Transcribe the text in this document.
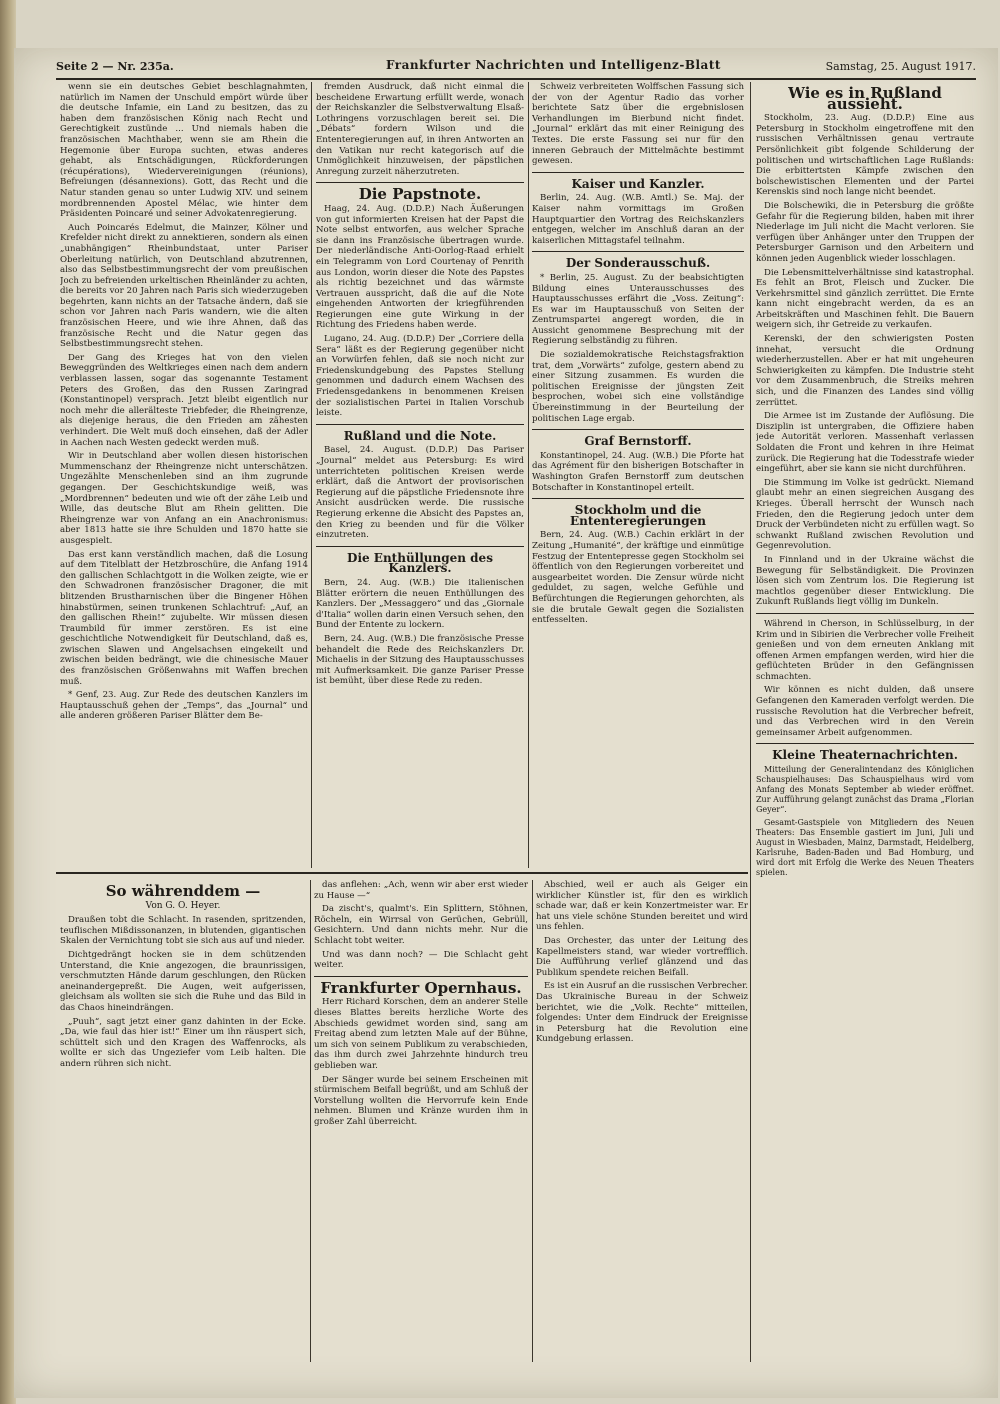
Seite 2 — Nr. 235a.	Frankfurter Nachrichten und Intelligenz-Blatt	Samstag, 25. August 1917.

wenn sie ein deutsches Gebiet beschlagnahmten, natürlich im Namen der Unschuld empört würde über die deutsche Infamie, ein Land zu besitzen, das zu haben dem französischen König nach Recht und Gerechtigkeit zustünde ... Und niemals haben die französischen Machthaber, wenn sie am Rhein die Hegemonie über Europa suchten, etwas anderes gehabt, als Entschädigungen, Rückforderungen (récupérations), Wiedervereinigungen (réunions), Befreiungen (désannexions). Gott, das Recht und die Natur standen genau so unter Ludwig XIV. und seinem mordbrennenden Apostel Mélac, wie hinter dem Präsidenten Poincaré und seiner Advokatenregierung.

Auch Poincarés Edelmut, die Mainzer, Kölner und Krefelder nicht direkt zu annektieren, sondern als einen „unabhängigen“ Rheinbundstaat, unter Pariser Oberleitung natürlich, von Deutschland abzutrennen, also das Selbstbestimmungsrecht der vom preußischen Joch zu befreienden urkeltischen Rheinländer zu achten, die bereits vor 20 Jahren nach Paris sich wiederzugeben begehrten, kann nichts an der Tatsache ändern, daß sie schon vor Jahren nach Paris wandern, wie die alten französischen Heere, und wie ihre Ahnen, daß das französische Recht und die Natur gegen das Selbstbestimmungsrecht stehen.

Der Gang des Krieges hat von den vielen Beweggründen des Weltkrieges einen nach dem andern verblassen lassen, sogar das sogenannte Testament Peters des Großen, das den Russen Zaringrad (Konstantinopel) versprach. Jetzt bleibt eigentlich nur noch mehr die allerälteste Triebfeder, die Rheingrenze, als diejenige heraus, die den Frieden am zähesten verhindert. Die Welt muß doch einsehen, daß der Adler in Aachen nach Westen gedeckt werden muß.

Wir in Deutschland aber wollen diesen historischen Mummenschanz der Rheingrenze nicht unterschätzen. Ungezählte Menschenleben sind an ihm zugrunde gegangen. Der Geschichtskundige weiß, was „Mordbrennen“ bedeuten und wie oft der zähe Leib und Wille, das deutsche Blut am Rhein gelitten. Die Rheingrenze war von Anfang an ein Anachronismus: aber 1813 hatte sie ihre Schulden und 1870 hatte sie ausgespielt.

Das erst kann verständlich machen, daß die Losung auf dem Titelblatt der Hetzbroschüre, die Anfang 1914 den gallischen Schlachtgott in die Wolken zeigte, wie er den Schwadronen französischer Dragoner, die mit blitzenden Brustharnischen über die Bingener Höhen hinabstürmen, seinen trunkenen Schlachtruf: „Auf, an den gallischen Rhein!“ zujubelte. Wir müssen diesen Traumbild für immer zerstören. Es ist eine geschichtliche Notwendigkeit für Deutschland, daß es, zwischen Slawen und Angelsachsen eingekeilt und zwischen beiden bedrängt, wie die chinesische Mauer des französischen Größenwahns mit Waffen brechen muß.

* Genf, 23. Aug. Zur Rede des deutschen Kanzlers im Hauptausschuß gehen der „Temps“, das „Journal“ und alle anderen größeren Pariser Blätter dem Be-

fremden Ausdruck, daß nicht einmal die bescheidene Erwartung erfüllt werde, wonach der Reichskanzler die Selbstverwaltung Elsaß-Lothringens vorzuschlagen bereit sei. Die „Débats“ fordern Wilson und die Ententeregierungen auf, in ihren Antworten an den Vatikan nur recht kategorisch auf die Unmöglichkeit hinzuweisen, der päpstlichen Anregung zurzeit näherzutreten.

Die Papstnote.

Haag, 24. Aug. (D.D.P.) Nach Äußerungen von gut informierten Kreisen hat der Papst die Note selbst entworfen, aus welcher Sprache sie dann ins Französische übertragen wurde. Der niederländische Anti-Oorlog-Raad erhielt ein Telegramm von Lord Courtenay of Penrith aus London, worin dieser die Note des Papstes als richtig bezeichnet und das wärmste Vertrauen ausspricht, daß die auf die Note eingehenden Antworten der kriegführenden Regierungen eine gute Wirkung in der Richtung des Friedens haben werde.

Lugano, 24. Aug. (D.D.P.) Der „Corriere della Sera“ läßt es der Regierung gegenüber nicht an Vorwürfen fehlen, daß sie noch nicht zur Friedenskundgebung des Papstes Stellung genommen und dadurch einem Wachsen des Friedensgedankens in benommenen Kreisen der sozialistischen Partei in Italien Vorschub leiste.

Rußland und die Note.

Basel, 24. August. (D.D.P.) Das Pariser „Journal“ meldet aus Petersburg: Es wird unterrichteten politischen Kreisen werde erklärt, daß die Antwort der provisorischen Regierung auf die päpstliche Friedensnote ihre Ansicht ausdrücken werde. Die russische Regierung erkenne die Absicht des Papstes an, den Krieg zu beenden und für die Völker einzutreten.

Die Enthüllungen des Kanzlers.

Bern, 24. Aug. (W.B.) Die italienischen Blätter erörtern die neuen Enthüllungen des Kanzlers. Der „Messaggero“ und das „Giornale d'Italia“ wollen darin einen Versuch sehen, den Bund der Entente zu lockern.

Bern, 24. Aug. (W.B.) Die französische Presse behandelt die Rede des Reichskanzlers Dr. Michaelis in der Sitzung des Hauptausschusses mit Aufmerksamkeit. Die ganze Pariser Presse ist bemüht, über diese Rede zu reden.

Schweiz verbreiteten Wolffschen Fassung sich der von der Agentur Radio das vorher berichtete Satz über die ergebnislosen Verhandlungen im Bierbund nicht findet. „Journal“ erklärt das mit einer Reinigung des Textes. Die erste Fassung sei nur für den inneren Gebrauch der Mittelmächte bestimmt gewesen.

Kaiser und Kanzler.

Berlin, 24. Aug. (W.B. Amtl.) Se. Maj. der Kaiser nahm vormittags im Großen Hauptquartier den Vortrag des Reichskanzlers entgegen, welcher im Anschluß daran an der kaiserlichen Mittagstafel teilnahm.

Der Sonderausschuß.

* Berlin, 25. August. Zu der beabsichtigten Bildung eines Unterausschusses des Hauptausschusses erfährt die „Voss. Zeitung“: Es war im Hauptausschuß von Seiten der Zentrumspartei angeregt worden, die in Aussicht genommene Besprechung mit der Regierung selbständig zu führen.

Die sozialdemokratische Reichstagsfraktion trat, dem „Vorwärts“ zufolge, gestern abend zu einer Sitzung zusammen. Es wurden die politischen Ereignisse der jüngsten Zeit besprochen, wobei sich eine vollständige Übereinstimmung in der Beurteilung der politischen Lage ergab.

Graf Bernstorff.

Konstantinopel, 24. Aug. (W.B.) Die Pforte hat das Agrément für den bisherigen Botschafter in Washington Grafen Bernstorff zum deutschen Botschafter in Konstantinopel erteilt.

Stockholm und die Ententeregierungen

Bern, 24. Aug. (W.B.) Cachin erklärt in der Zeitung „Humanité“, der kräftige und einmütige Festzug der Ententepresse gegen Stockholm sei öffentlich von den Regierungen vorbereitet und ausgearbeitet worden. Die Zensur würde nicht geduldet, zu sagen, welche Gefühle und Befürchtungen die Regierungen gehorchten, als sie die brutale Gewalt gegen die Sozialisten entfesselten.

Wie es in Rußland aussieht.

Stockholm, 23. Aug. (D.D.P.) Eine aus Petersburg in Stockholm eingetroffene mit den russischen Verhältnissen genau vertraute Persönlichkeit gibt folgende Schilderung der politischen und wirtschaftlichen Lage Rußlands: Die erbittertsten Kämpfe zwischen den bolschewistischen Elementen und der Partei Kerenskis sind noch lange nicht beendet.

Die Bolschewiki, die in Petersburg die größte Gefahr für die Regierung bilden, haben mit ihrer Niederlage im Juli nicht die Macht verloren. Sie verfügen über Anhänger unter den Truppen der Petersburger Garnison und den Arbeitern und können jeden Augenblick wieder losschlagen.

Die Lebensmittelverhältnisse sind katastrophal. Es fehlt an Brot, Fleisch und Zucker. Die Verkehrsmittel sind gänzlich zerrüttet. Die Ernte kann nicht eingebracht werden, da es an Arbeitskräften und Maschinen fehlt. Die Bauern weigern sich, ihr Getreide zu verkaufen.

Kerenski, der den schwierigsten Posten innehat, versucht die Ordnung wiederherzustellen. Aber er hat mit ungeheuren Schwierigkeiten zu kämpfen. Die Industrie steht vor dem Zusammenbruch, die Streiks mehren sich, und die Finanzen des Landes sind völlig zerrüttet.

Die Armee ist im Zustande der Auflösung. Die Disziplin ist untergraben, die Offiziere haben jede Autorität verloren. Massenhaft verlassen Soldaten die Front und kehren in ihre Heimat zurück. Die Regierung hat die Todesstrafe wieder eingeführt, aber sie kann sie nicht durchführen.

Die Stimmung im Volke ist gedrückt. Niemand glaubt mehr an einen siegreichen Ausgang des Krieges. Überall herrscht der Wunsch nach Frieden, den die Regierung jedoch unter dem Druck der Verbündeten nicht zu erfüllen wagt. So schwankt Rußland zwischen Revolution und Gegenrevolution.

In Finnland und in der Ukraine wächst die Bewegung für Selbständigkeit. Die Provinzen lösen sich vom Zentrum los. Die Regierung ist machtlos gegenüber dieser Entwicklung. Die Zukunft Rußlands liegt völlig im Dunkeln.

Während in Cherson, in Schlüsselburg, in der Krim und in Sibirien die Verbrecher volle Freiheit genießen und von dem erneuten Anklang mit offenen Armen empfangen werden, wird hier die geflüchteten Brüder in den Gefängnissen schmachten.

Wir können es nicht dulden, daß unsere Gefangenen den Kameraden verfolgt werden. Die russische Revolution hat die Verbrecher befreit, und das Verbrechen wird in den Verein gemeinsamer Arbeit aufgenommen.

Kleine Theaternachrichten.

Mitteilung der Generalintendanz des Königlichen Schauspielhauses: Das Schauspielhaus wird vom Anfang des Monats September ab wieder eröffnet. Zur Aufführung gelangt zunächst das Drama „Florian Geyer“.

Gesamt-Gastspiele von Mitgliedern des Neuen Theaters: Das Ensemble gastiert im Juni, Juli und August in Wiesbaden, Mainz, Darmstadt, Heidelberg, Karlsruhe, Baden-Baden und Bad Homburg, und wird dort mit Erfolg die Werke des Neuen Theaters spielen.

So währenddem —
Von G. O. Heyer.

Draußen tobt die Schlacht. In rasenden, spritzenden, teuflischen Mißdissonanzen, in blutenden, gigantischen Skalen der Vernichtung tobt sie sich aus auf und nieder.

Dichtgedrängt hocken sie in dem schützenden Unterstand, die Knie angezogen, die braunrissigen, verschmutzten Hände darum geschlungen, den Rücken aneinandergepreßt. Die Augen, weit aufgerissen, gleichsam als wollten sie sich die Ruhe und das Bild in das Chaos hineindrängen.

„Puuh“, sagt jetzt einer ganz dahinten in der Ecke. „Da, wie faul das hier ist!“ Einer um ihn räuspert sich, schüttelt sich und den Kragen des Waffenrocks, als wollte er sich das Ungeziefer vom Leib halten. Die andern rühren sich nicht.

das anflehen: „Ach, wenn wir aber erst wieder zu Hause —“

Da zischt's, qualmt's. Ein Splittern, Stöhnen, Röcheln, ein Wirrsal von Gerüchen, Gebrüll, Gesichtern. Und dann nichts mehr. Nur die Schlacht tobt weiter.

Und was dann noch? — Die Schlacht geht weiter.

Frankfurter Opernhaus.

Herr Richard Korschen, dem an anderer Stelle dieses Blattes bereits herzliche Worte des Abschieds gewidmet worden sind, sang am Freitag abend zum letzten Male auf der Bühne, um sich von seinem Publikum zu verabschieden, das ihm durch zwei Jahrzehnte hindurch treu geblieben war.

Der Sänger wurde bei seinem Erscheinen mit stürmischem Beifall begrüßt, und am Schluß der Vorstellung wollten die Hervorrufe kein Ende nehmen. Blumen und Kränze wurden ihm in großer Zahl überreicht.

Abschied, weil er auch als Geiger ein wirklicher Künstler ist, für den es wirklich schade war, daß er kein Konzertmeister war. Er hat uns viele schöne Stunden bereitet und wird uns fehlen.

Das Orchester, das unter der Leitung des Kapellmeisters stand, war wieder vortrefflich. Die Aufführung verlief glänzend und das Publikum spendete reichen Beifall.

Es ist ein Ausruf an die russischen Verbrecher. Das Ukrainische Bureau in der Schweiz berichtet, wie die „Volk. Rechte“ mitteilen, folgendes: Unter dem Eindruck der Ereignisse in Petersburg hat die Revolution eine Kundgebung erlassen.
